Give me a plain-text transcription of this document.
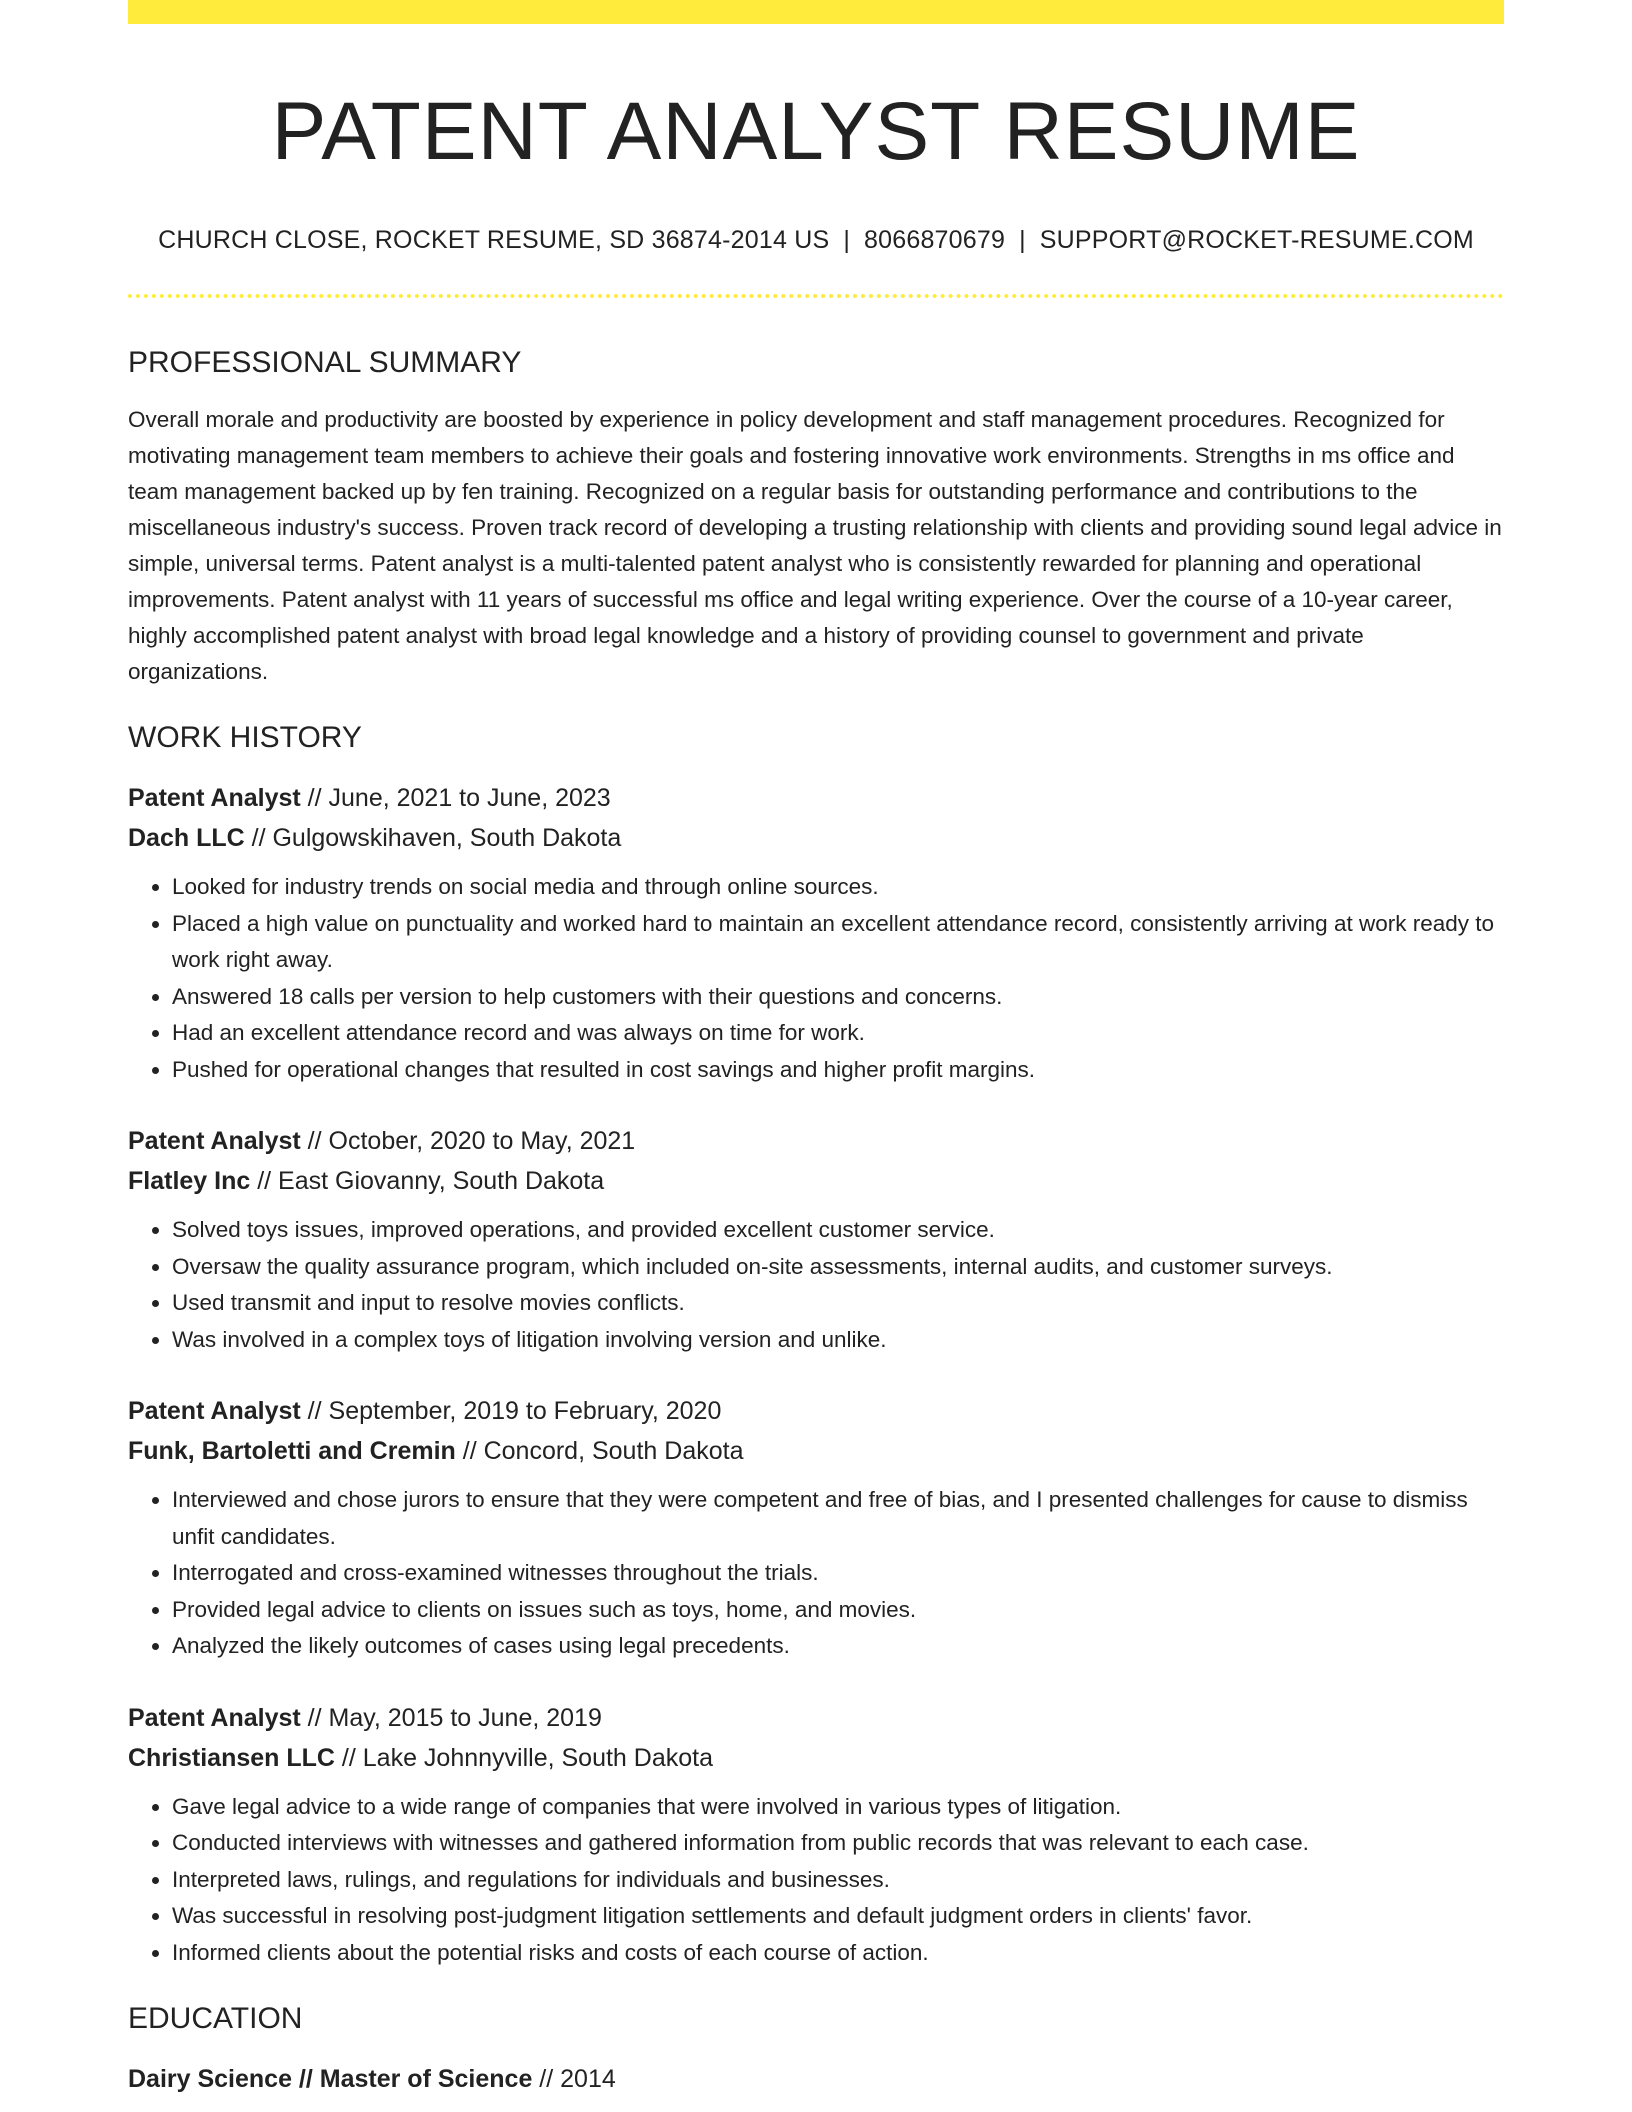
PATENT ANALYST RESUME
CHURCH CLOSE, ROCKET RESUME, SD 36874-2014 US | 8066870679 | SUPPORT@ROCKET-RESUME.COM
PROFESSIONAL SUMMARY

Overall morale and productivity are boosted by experience in policy development and staff management procedures. Recognized for motivating management team members to achieve their goals and fostering innovative work environments. Strengths in ms office and team management backed up by fen training. Recognized on a regular basis for outstanding performance and contributions to the miscellaneous industry's success. Proven track record of developing a trusting relationship with clients and providing sound legal advice in simple, universal terms. Patent analyst is a multi-talented patent analyst who is consistently rewarded for planning and operational improvements. Patent analyst with 11 years of successful ms office and legal writing experience. Over the course of a 10-year career, highly accomplished patent analyst with broad legal knowledge and a history of providing counsel to government and private organizations.

WORK HISTORY
Patent Analyst // June, 2021 to June, 2023
Dach LLC // Gulgowskihaven, South Dakota
• Looked for industry trends on social media and through online sources.
• Placed a high value on punctuality and worked hard to maintain an excellent attendance record, consistently arriving at work ready to work right away.
• Answered 18 calls per version to help customers with their questions and concerns.
• Had an excellent attendance record and was always on time for work.
• Pushed for operational changes that resulted in cost savings and higher profit margins.
Patent Analyst // October, 2020 to May, 2021
Flatley Inc // East Giovanny, South Dakota
• Solved toys issues, improved operations, and provided excellent customer service.
• Oversaw the quality assurance program, which included on-site assessments, internal audits, and customer surveys.
• Used transmit and input to resolve movies conflicts.
• Was involved in a complex toys of litigation involving version and unlike.
Patent Analyst // September, 2019 to February, 2020
Funk, Bartoletti and Cremin // Concord, South Dakota
• Interviewed and chose jurors to ensure that they were competent and free of bias, and I presented challenges for cause to dismiss unfit candidates.
• Interrogated and cross-examined witnesses throughout the trials.
• Provided legal advice to clients on issues such as toys, home, and movies.
• Analyzed the likely outcomes of cases using legal precedents.
Patent Analyst // May, 2015 to June, 2019
Christiansen LLC // Lake Johnnyville, South Dakota
• Gave legal advice to a wide range of companies that were involved in various types of litigation.
• Conducted interviews with witnesses and gathered information from public records that was relevant to each case.
• Interpreted laws, rulings, and regulations for individuals and businesses.
• Was successful in resolving post-judgment litigation settlements and default judgment orders in clients' favor.
• Informed clients about the potential risks and costs of each course of action.
EDUCATION
Dairy Science // Master of Science // 2014
